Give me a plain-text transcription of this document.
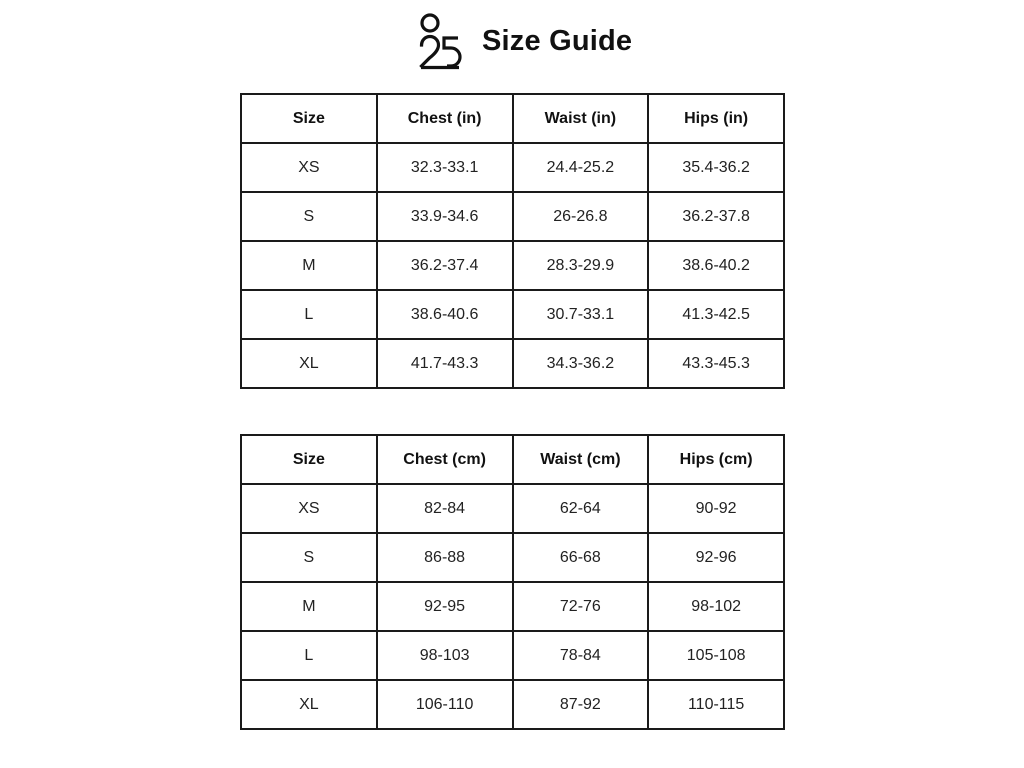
Size Guide
Size	Chest (in)	Waist (in)	Hips (in)
XS	32.3-33.1	24.4-25.2	35.4-36.2
S	33.9-34.6	26-26.8	36.2-37.8
M	36.2-37.4	28.3-29.9	38.6-40.2
L	38.6-40.6	30.7-33.1	41.3-42.5
XL	41.7-43.3	34.3-36.2	43.3-45.3
Size	Chest (cm)	Waist (cm)	Hips (cm)
XS	82-84	62-64	90-92
S	86-88	66-68	92-96
M	92-95	72-76	98-102
L	98-103	78-84	105-108
XL	106-110	87-92	110-115
